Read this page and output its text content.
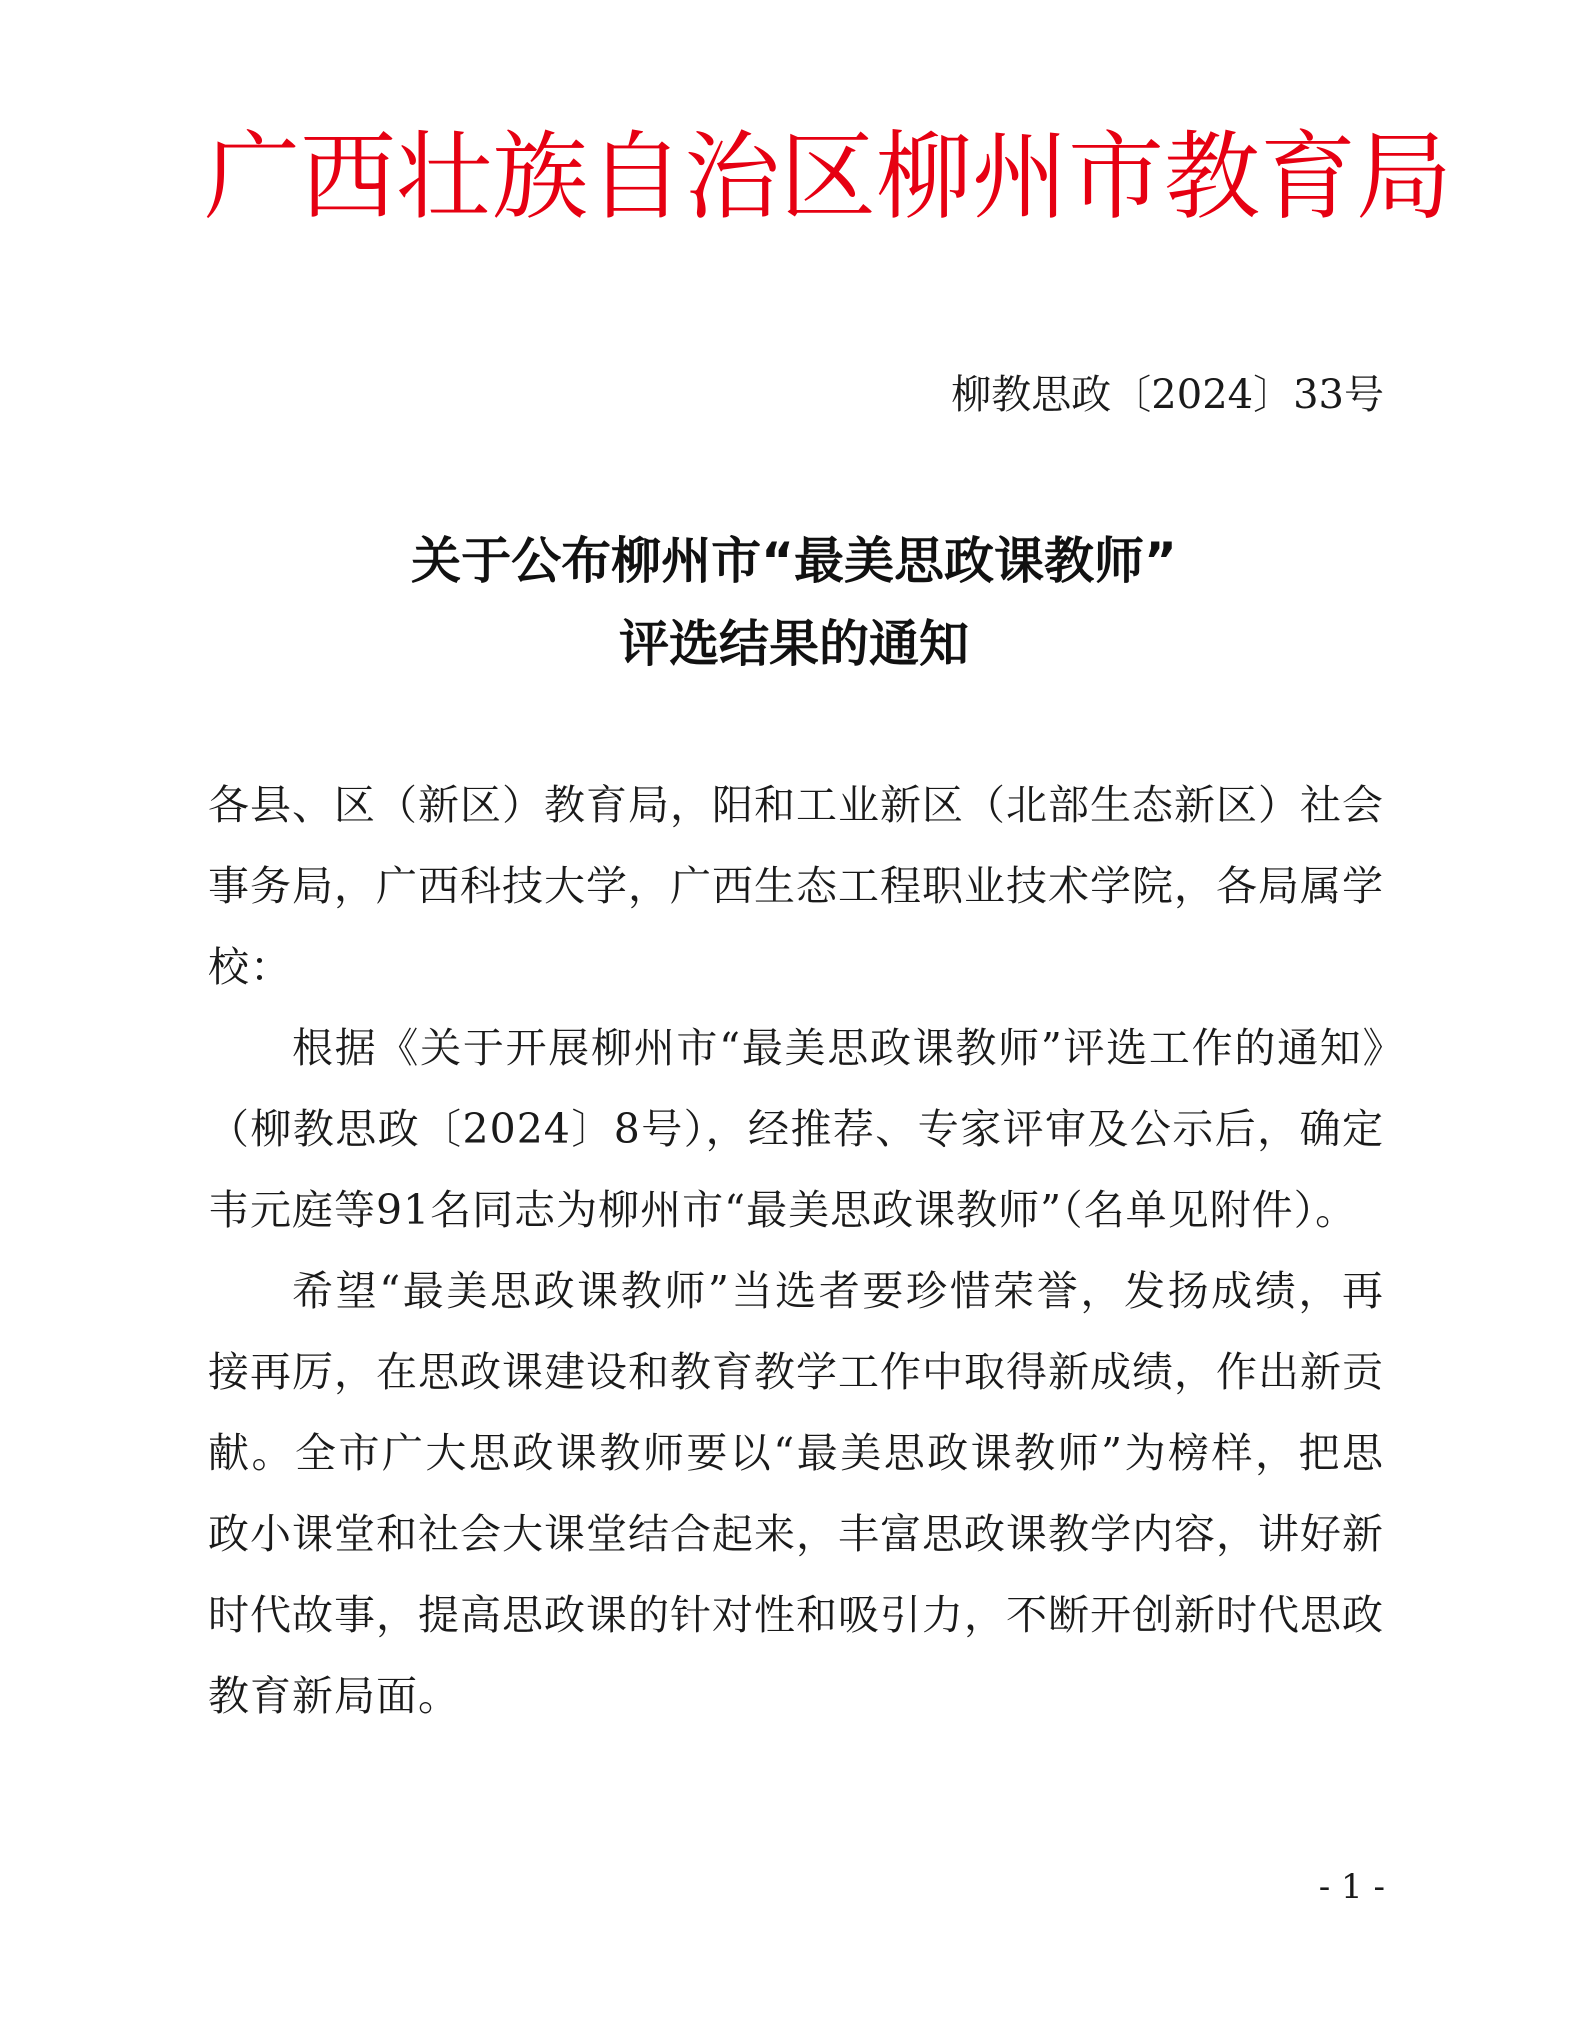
广西壮族自治区柳州市教育局
柳教思政〔2024〕33号
关于公布柳州市“最美思政课教师”
评选结果的通知

各县、区（新区）教育局，阳和工业新区（北部生态新区）社会事务局，广西科技大学，广西生态工程职业技术学院，各局属学校：

根据《关于开展柳州市“最美思政课教师”评选工作的通知》（柳教思政〔2024〕8号），经推荐、专家评审及公示后，确定韦元庭等91名同志为柳州市“最美思政课教师”（名单见附件）。

希望“最美思政课教师”当选者要珍惜荣誉，发扬成绩，再接再厉，在思政课建设和教育教学工作中取得新成绩，作出新贡献。全市广大思政课教师要以“最美思政课教师”为榜样，把思政小课堂和社会大课堂结合起来，丰富思政课教学内容，讲好新时代故事，提高思政课的针对性和吸引力，不断开创新时代思政教育新局面。

- 1 -
